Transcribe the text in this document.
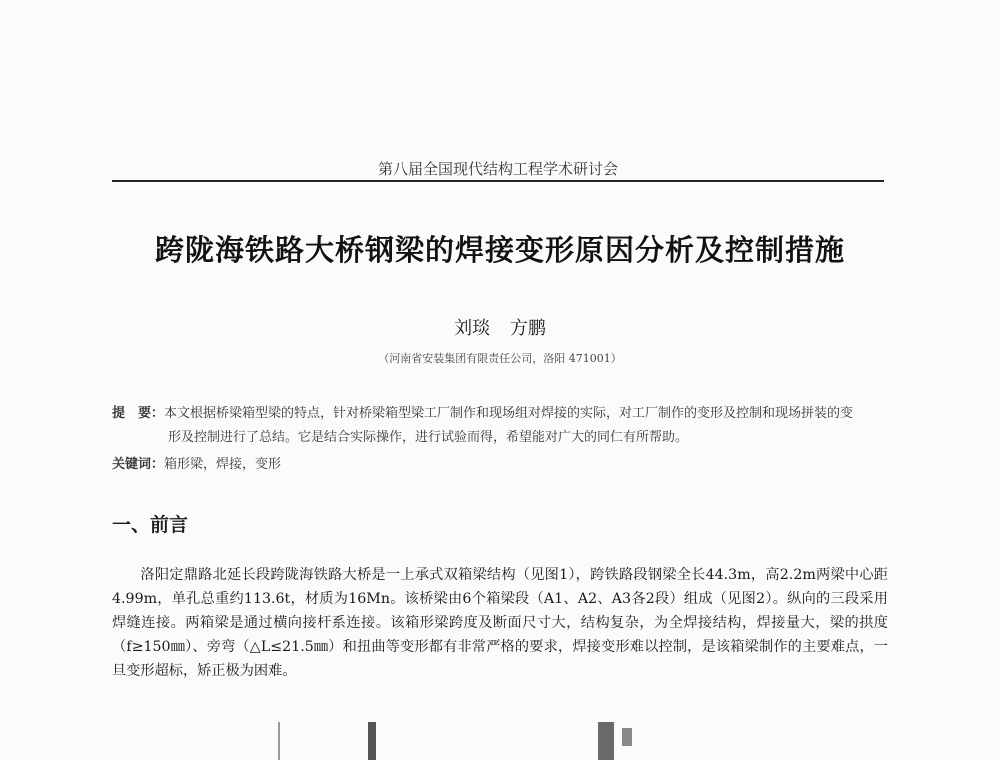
第八届全国现代结构工程学术研讨会
跨陇海铁路大桥钢梁的焊接变形原因分析及控制措施
刘琰 方鹏
（河南省安装集团有限责任公司，洛阳 471001）
提　要：本文根据桥梁箱型梁的特点，针对桥梁箱型梁工厂制作和现场组对焊接的实际，对工厂制作的变形及控制和现场拼装的变
形及控制进行了总结。它是结合实际操作，进行试验而得，希望能对广大的同仁有所帮助。
关键词：箱形梁，焊接，变形
一、前言
洛阳定鼎路北延长段跨陇海铁路大桥是一上承式双箱梁结构（见图1），跨铁路段钢梁全长44.3m，高2.2m两梁中心距4.99m，单孔总重约113.6t，材质为16Mn。该桥梁由6个箱梁段（A1、A2、A3各2段）组成（见图2）。纵向的三段采用焊缝连接。两箱梁是通过横向接杆系连接。该箱形梁跨度及断面尺寸大，结构复杂，为全焊接结构，焊接量大，梁的拱度（f≥150㎜）、旁弯（△L≤21.5㎜）和扭曲等变形都有非常严格的要求，焊接变形难以控制，是该箱梁制作的主要难点，一旦变形超标，矫正极为困难。
